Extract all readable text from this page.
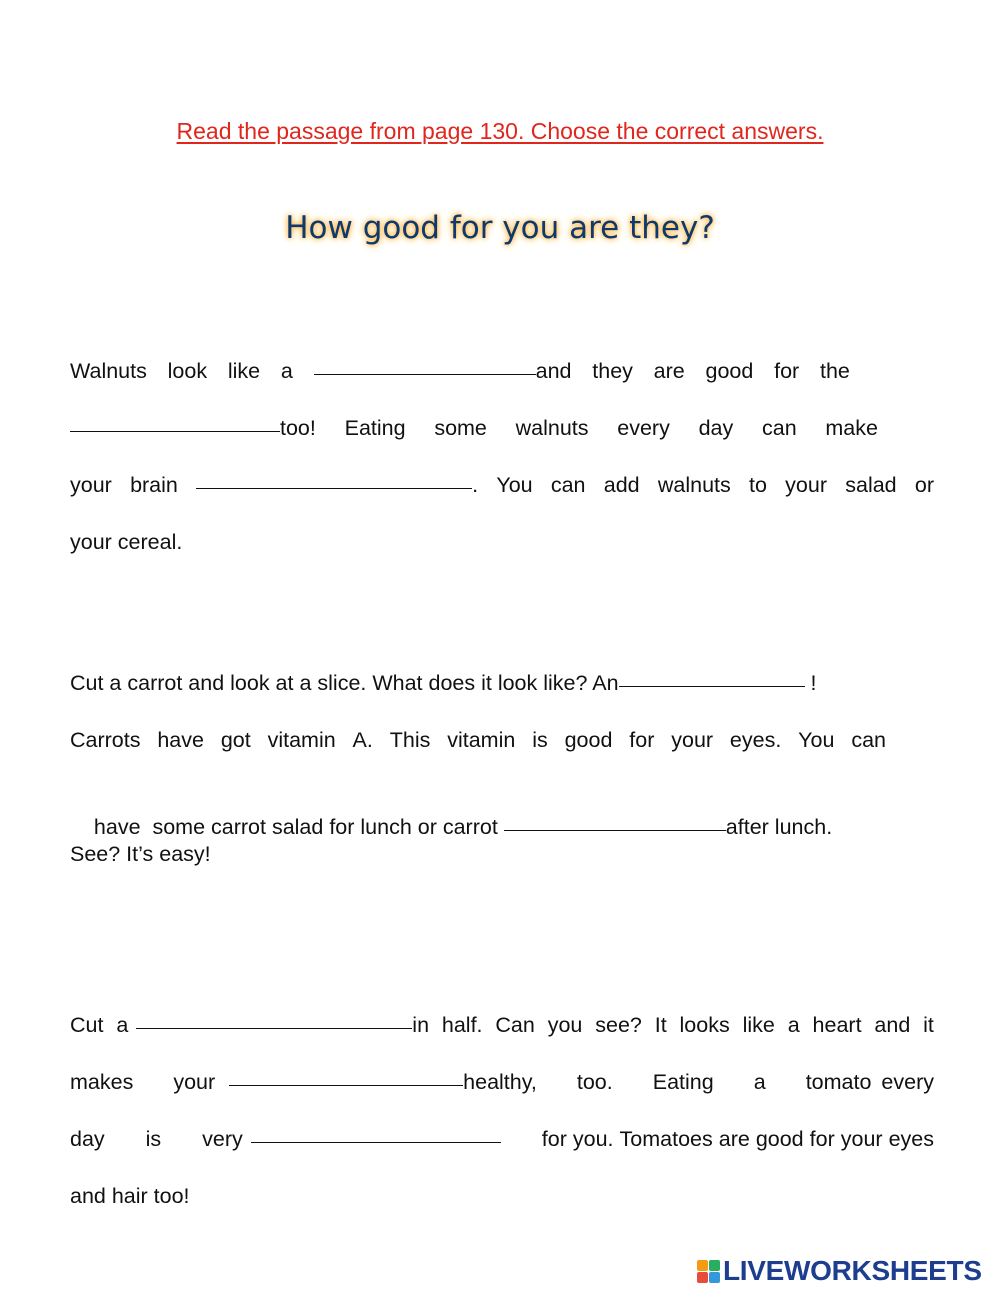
Read the passage from page 130. Choose the correct answers.
How good for you are they?
Walnuts look like a	and they are good for the
too! Eating some walnuts every day can make
your brain	. You can add walnuts to your salad or
your cereal.
Cut a carrot and look at a slice. What does it look like? An	!
Carrots have got vitamin A. This vitamin is good for your eyes. You can

have  some carrot salad for lunch or carrot	after lunch.

See? It’s easy!
Cut a	in half. Can you see? It looks like a heart and it
makes your	healthy, too. Eating a tomato every
day is very	for you. Tomatoes are good for your eyes
and hair too!
LIVEWORKSHEETS
